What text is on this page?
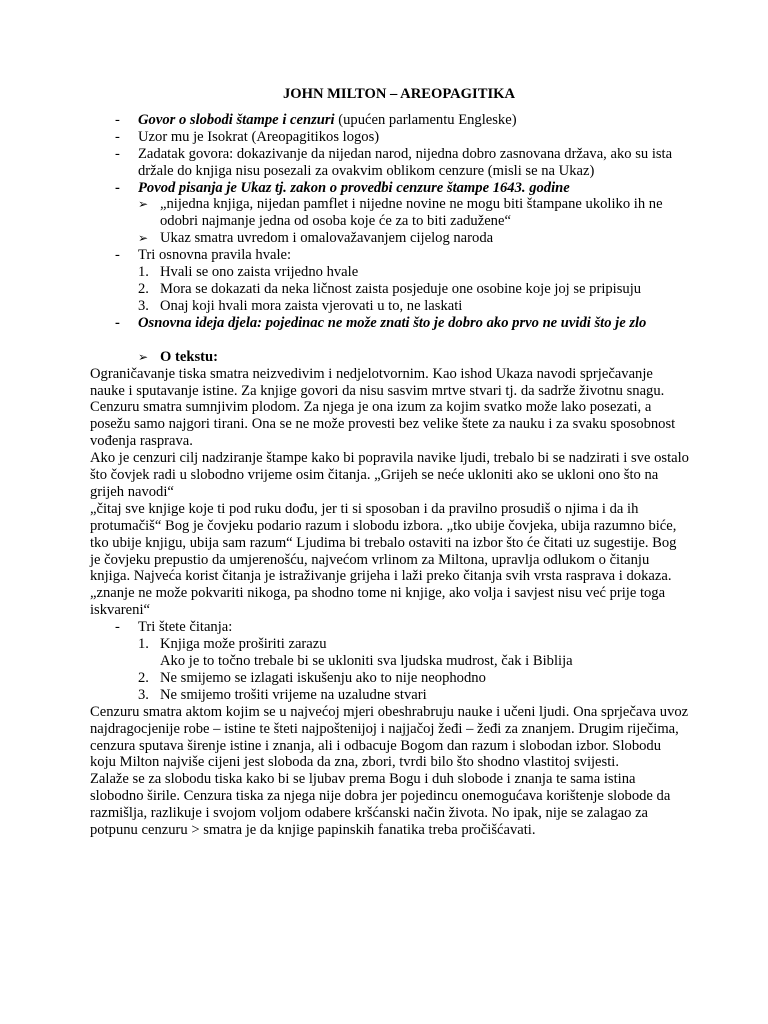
JOHN MILTON – AREOPAGITIKA
- Govor o slobodi štampe i cenzuri (upućen parlamentu Engleske)
- Uzor mu je Isokrat (Areopagitikos logos)
- Zadatak govora: dokazivanje da nijedan narod, nijedna dobro zasnovana država, ako su ista držale do knjiga nisu posezali za ovakvim oblikom cenzure (misli se na Ukaz)
- Povod pisanja je Ukaz tj. zakon o provedbi cenzure štampe 1643. godine
➢ „nijedna knjiga, nijedan pamflet i nijedne novine ne mogu biti štampane ukoliko ih ne odobri najmanje jedna od osoba koje će za to biti zadužene“
➢ Ukaz smatra uvredom i omalovažavanjem cijelog naroda
- Tri osnovna pravila hvale:
1. Hvali se ono zaista vrijedno hvale
2. Mora se dokazati da neka ličnost zaista posjeduje one osobine koje joj se pripisuju
3. Onaj koji hvali mora zaista vjerovati u to, ne laskati
- Osnovna ideja djela: pojedinac ne može znati što je dobro ako prvo ne uvidi što je zlo
➢ O tekstu:

Ograničavanje tiska smatra neizvedivim i nedjelotvornim. Kao ishod Ukaza navodi sprječavanje nauke i sputavanje istine. Za knjige govori da nisu sasvim mrtve stvari tj. da sadrže životnu snagu.

Cenzuru smatra sumnjivim plodom. Za njega je ona izum za kojim svatko može lako posezati, a posežu samo najgori tirani. Ona se ne može provesti bez velike štete za nauku i za svaku sposobnost vođenja rasprava.

Ako je cenzuri cilj nadziranje štampe kako bi popravila navike ljudi, trebalo bi se nadzirati i sve ostalo što čovjek radi u slobodno vrijeme osim čitanja. „Grijeh se neće ukloniti ako se ukloni ono što na grijeh navodi“

„čitaj sve knjige koje ti pod ruku dođu, jer ti si sposoban i da pravilno prosudiš o njima i da ih protumačiš“ Bog je čovjeku podario razum i slobodu izbora. „tko ubije čovjeka, ubija razumno biće, tko ubije knjigu, ubija sam razum“ Ljudima bi trebalo ostaviti na izbor što će čitati uz sugestije. Bog je čovjeku prepustio da umjerenošću, najvećom vrlinom za Miltona, upravlja odlukom o čitanju knjiga. Najveća korist čitanja je istraživanje grijeha i laži preko čitanja svih vrsta rasprava i dokaza. „znanje ne može pokvariti nikoga, pa shodno tome ni knjige, ako volja i savjest nisu već prije toga iskvareni“

- Tri štete čitanja:
1. Knjiga može proširiti zarazu
Ako je to točno trebale bi se ukloniti sva ljudska mudrost, čak i Biblija
2. Ne smijemo se izlagati iskušenju ako to nije neophodno
3. Ne smijemo trošiti vrijeme na uzaludne stvari

Cenzuru smatra aktom kojim se u najvećoj mjeri obeshrabruju nauke i učeni ljudi. Ona sprječava uvoz najdragocjenije robe – istine te šteti najpoštenijoj i najjačoj žeđi – žeđi za znanjem. Drugim riječima, cenzura sputava širenje istine i znanja, ali i odbacuje Bogom dan razum i slobodan izbor. Slobodu koju Milton najviše cijeni jest sloboda da zna, zbori, tvrdi bilo što shodno vlastitoj svijesti.

Zalaže se za slobodu tiska kako bi se ljubav prema Bogu i duh slobode i znanja te sama istina slobodno širile. Cenzura tiska za njega nije dobra jer pojedincu onemogućava korištenje slobode da razmišlja, razlikuje i svojom voljom odabere kršćanski način života. No ipak, nije se zalagao za potpunu cenzuru > smatra je da knjige papinskih fanatika treba pročišćavati.
